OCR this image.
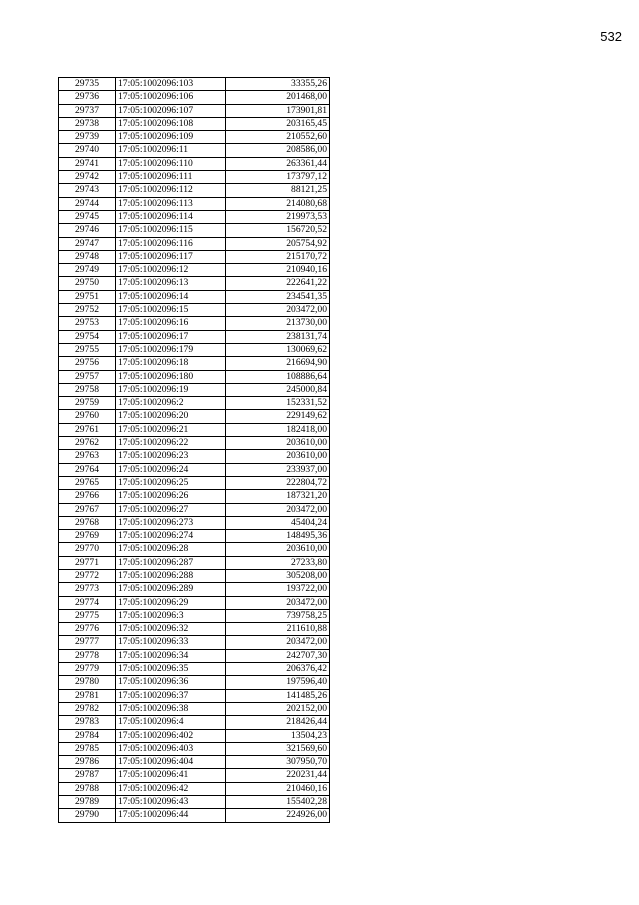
532
29735	17:05:1002096:103	33355,26
29736	17:05:1002096:106	201468,00
29737	17:05:1002096:107	173901,81
29738	17:05:1002096:108	203165,45
29739	17:05:1002096:109	210552,60
29740	17:05:1002096:11	208586,00
29741	17:05:1002096:110	263361,44
29742	17:05:1002096:111	173797,12
29743	17:05:1002096:112	88121,25
29744	17:05:1002096:113	214080,68
29745	17:05:1002096:114	219973,53
29746	17:05:1002096:115	156720,52
29747	17:05:1002096:116	205754,92
29748	17:05:1002096:117	215170,72
29749	17:05:1002096:12	210940,16
29750	17:05:1002096:13	222641,22
29751	17:05:1002096:14	234541,35
29752	17:05:1002096:15	203472,00
29753	17:05:1002096:16	213730,00
29754	17:05:1002096:17	238131,74
29755	17:05:1002096:179	130069,62
29756	17:05:1002096:18	216694,90
29757	17:05:1002096:180	108886,64
29758	17:05:1002096:19	245000,84
29759	17:05:1002096:2	152331,52
29760	17:05:1002096:20	229149,62
29761	17:05:1002096:21	182418,00
29762	17:05:1002096:22	203610,00
29763	17:05:1002096:23	203610,00
29764	17:05:1002096:24	233937,00
29765	17:05:1002096:25	222804,72
29766	17:05:1002096:26	187321,20
29767	17:05:1002096:27	203472,00
29768	17:05:1002096:273	45404,24
29769	17:05:1002096:274	148495,36
29770	17:05:1002096:28	203610,00
29771	17:05:1002096:287	27233,80
29772	17:05:1002096:288	305208,00
29773	17:05:1002096:289	193722,00
29774	17:05:1002096:29	203472,00
29775	17:05:1002096:3	739758,25
29776	17:05:1002096:32	211610,88
29777	17:05:1002096:33	203472,00
29778	17:05:1002096:34	242707,30
29779	17:05:1002096:35	206376,42
29780	17:05:1002096:36	197596,40
29781	17:05:1002096:37	141485,26
29782	17:05:1002096:38	202152,00
29783	17:05:1002096:4	218426,44
29784	17:05:1002096:402	13504,23
29785	17:05:1002096:403	321569,60
29786	17:05:1002096:404	307950,70
29787	17:05:1002096:41	220231,44
29788	17:05:1002096:42	210460,16
29789	17:05:1002096:43	155402,28
29790	17:05:1002096:44	224926,00
